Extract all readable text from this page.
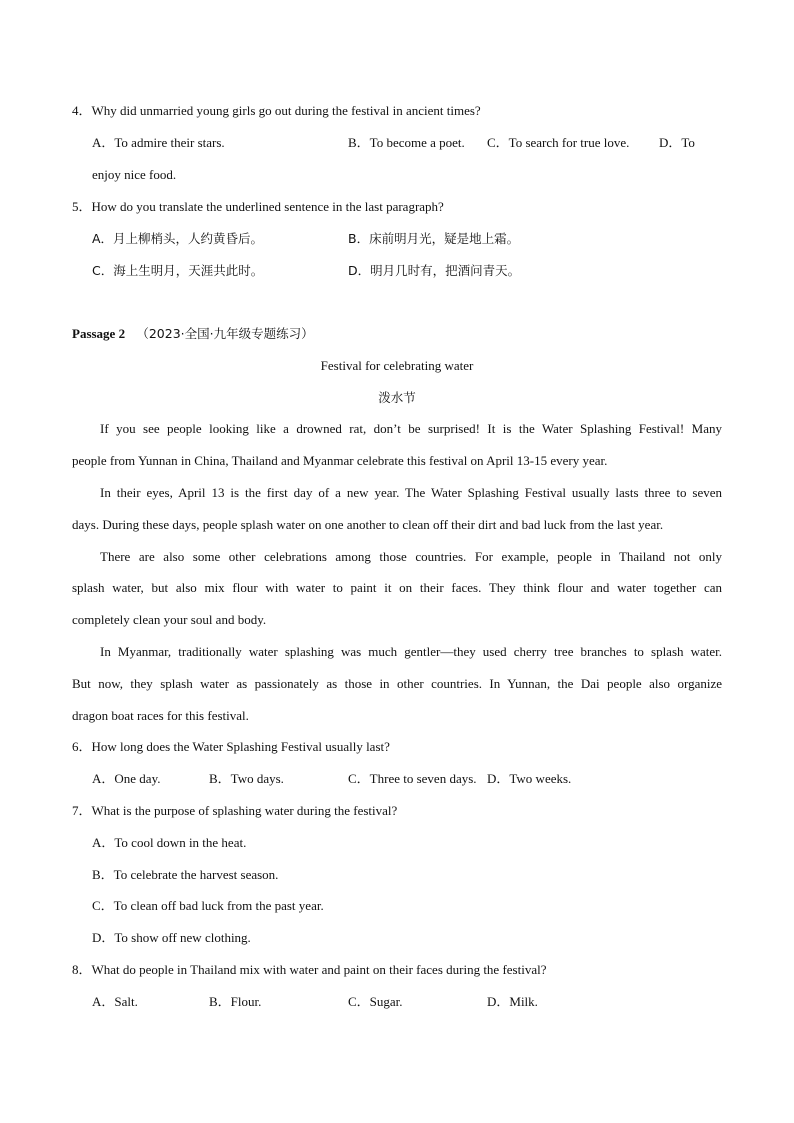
4．Why did unmarried young girls go out during the festival in ancient times?
A．To admire their stars.	B．To become a poet. C．To search for true love. D．To
enjoy nice food.
5．How do you translate the underlined sentence in the last paragraph?
A．月上柳梢头，人约黄昏后。	B．床前明月光，疑是地上霜。
C．海上生明月，天涯共此时。	D．明月几时有，把酒问青天。
Passage 2 （2023·全国·九年级专题练习）
Festival for celebrating water
泼水节
If you see people looking like a drowned rat, don’t be surprised! It is the Water Splashing Festival! Many
people from Yunnan in China, Thailand and Myanmar celebrate this festival on April 13-15 every year.
In their eyes, April 13 is the first day of a new year. The Water Splashing Festival usually lasts three to seven
days. During these days, people splash water on one another to clean off their dirt and bad luck from the last year.
There are also some other celebrations among those countries. For example, people in Thailand not only
splash water, but also mix flour with water to paint it on their faces. They think flour and water together can
completely clean your soul and body.
In Myanmar, traditionally water splashing was much gentler—they used cherry tree branches to splash water.
But now, they splash water as passionately as those in other countries. In Yunnan, the Dai people also organize
dragon boat races for this festival.
6．How long does the Water Splashing Festival usually last?
A．One day.	B．Two days.	C．Three to seven days. D．Two weeks.
7．What is the purpose of splashing water during the festival?
A．To cool down in the heat.
B．To celebrate the harvest season.
C．To clean off bad luck from the past year.
D．To show off new clothing.
8．What do people in Thailand mix with water and paint on their faces during the festival?
A．Salt.	B．Flour.	C．Sugar.	D．Milk.
